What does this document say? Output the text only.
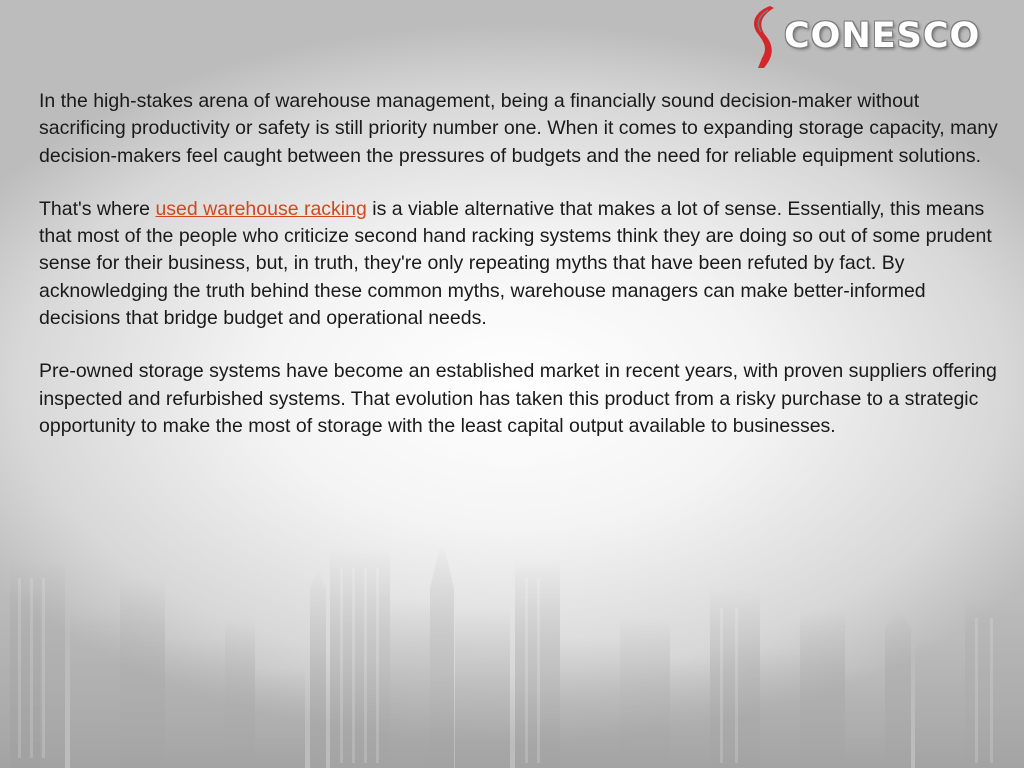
CONESCO

In the high-stakes arena of warehouse management, being a financially sound decision-maker without sacrificing productivity or safety is still priority number one. When it comes to expanding storage capacity, many decision-makers feel caught between the pressures of budgets and the need for reliable equipment solutions.

That's where used warehouse racking is a viable alternative that makes a lot of sense. Essentially, this means that most of the people who criticize second hand racking systems think they are doing so out of some prudent sense for their business, but, in truth, they're only repeating myths that have been refuted by fact. By acknowledging the truth behind these common myths, warehouse managers can make better-informed decisions that bridge budget and operational needs.

Pre-owned storage systems have become an established market in recent years, with proven suppliers offering inspected and refurbished systems. That evolution has taken this product from a risky purchase to a strategic opportunity to make the most of storage with the least capital output available to businesses.
